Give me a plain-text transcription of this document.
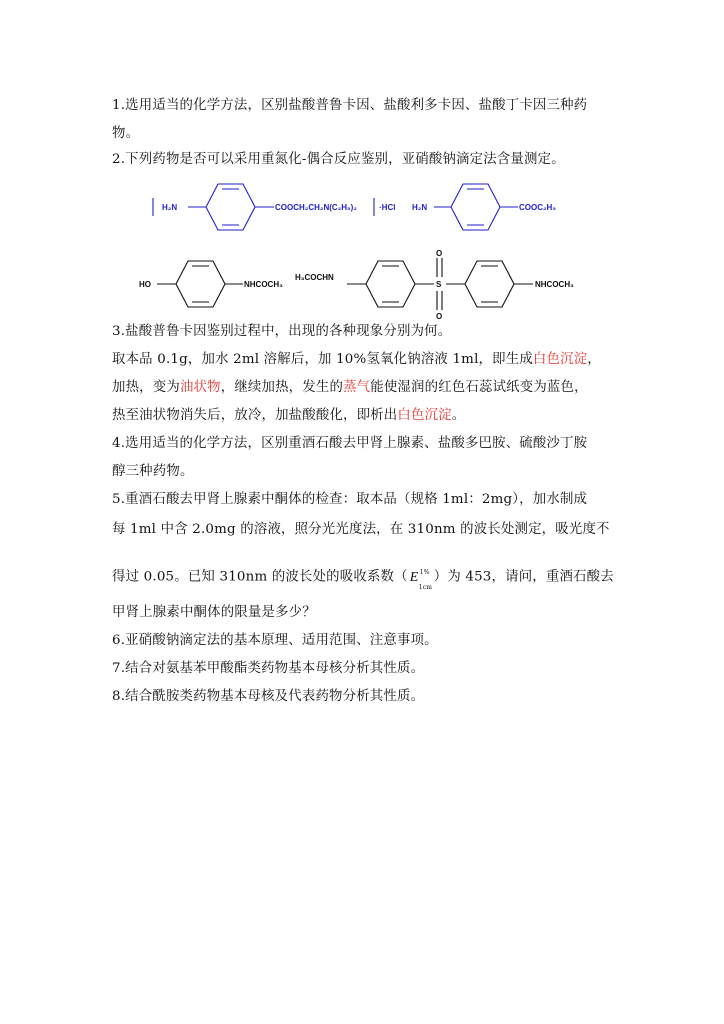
1.选用适当的化学方法，区别盐酸普鲁卡因、盐酸利多卡因、盐酸丁卡因三种药
物。
2.下列药物是否可以采用重氮化-偶合反应鉴别，亚硝酸钠滴定法含量测定。
H₂N	COOCH₂CH₂N(C₂H₅)₂	·HCl H₂N	COOC₂H₅
HO	NHCOCH₃
H₃COCHN
S
O
O
NHCOCH₃
3.盐酸普鲁卡因鉴别过程中，出现的各种现象分别为何。
取本品 0.1g，加水 2ml 溶解后，加 10%氢氧化钠溶液 1ml，即生成白色沉淀，
加热，变为油状物，继续加热，发生的蒸气能使湿润的红色石蕊试纸变为蓝色，
热至油状物消失后，放冷，加盐酸酸化，即析出白色沉淀。
4.选用适当的化学方法，区别重酒石酸去甲肾上腺素、盐酸多巴胺、硫酸沙丁胺
醇三种药物。
5.重酒石酸去甲肾上腺素中酮体的检查：取本品（规格 1ml：2mg），加水制成
每 1ml 中含 2.0mg 的溶液，照分光光度法，在 310nm 的波长处测定，吸光度不
得过 0.05。已知 310nm 的波长处的吸收系数（ E 1%
1cm
）为 453，请问，重酒石酸去
甲肾上腺素中酮体的限量是多少？
6.亚硝酸钠滴定法的基本原理、适用范围、注意事项。
7.结合对氨基苯甲酸酯类药物基本母核分析其性质。
8.结合酰胺类药物基本母核及代表药物分析其性质。
